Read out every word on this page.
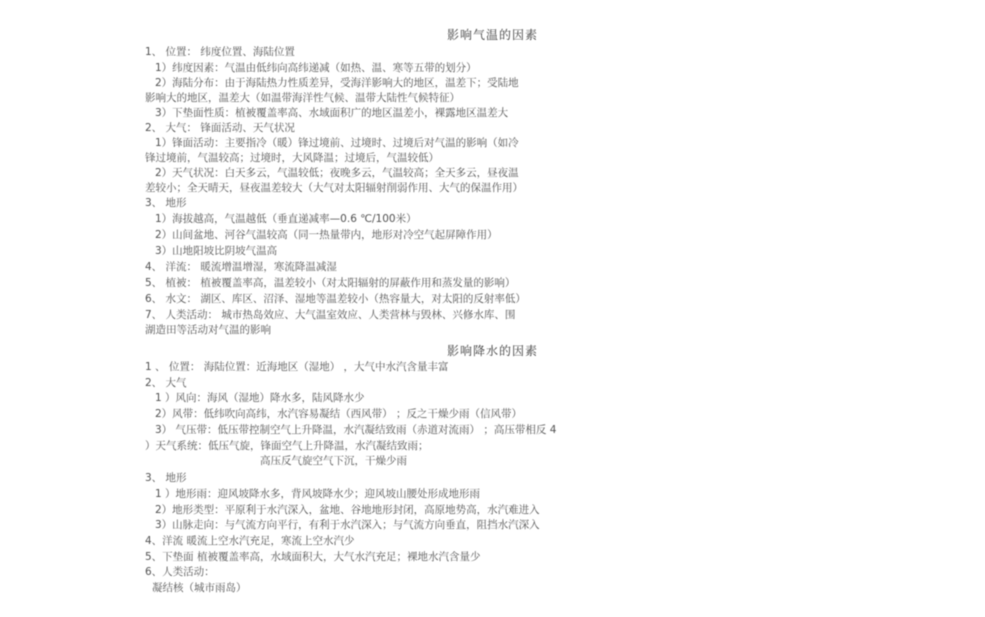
影响气温的因素
1、 位置： 纬度位置、海陆位置
1）纬度因素：气温由低纬向高纬递减（如热、温、寒等五带的划分）
2）海陆分布：由于海陆热力性质差异，受海洋影响大的地区，温差下；受陆地
影响大的地区，温差大（如温带海洋性气候、温带大陆性气候特征）
3）下垫面性质：植被覆盖率高、水域面积广的地区温差小，裸露地区温差大
2、 大气： 锋面活动、天气状况
1）锋面活动：主要指冷（暖）锋过境前、过境时、过境后对气温的影响（如冷
锋过境前，气温较高；过境时，大风降温；过境后，气温较低）
2）天气状况：白天多云，气温较低；夜晚多云，气温较高；全天多云，昼夜温
差较小；全天晴天，昼夜温差较大（大气对太阳辐射削弱作用、大气的保温作用）
3、 地形
1）海拔越高，气温越低（垂直递减率—0.6 ℃/100米）
2）山间盆地、河谷气温较高（同一热量带内，地形对冷空气起屏障作用）
3）山地阳坡比阴坡气温高
4、 洋流： 暖流增温增湿，寒流降温减湿
5、 植被： 植被覆盖率高，温差较小（对太阳辐射的屏蔽作用和蒸发量的影响）
6、 水文： 湖区、库区、沼泽、湿地等温差较小（热容量大，对太阳的反射率低）
7、 人类活动： 城市热岛效应、大气温室效应、人类营林与毁林、兴修水库、围
湖造田等活动对气温的影响
影响降水的因素
1 、 位置： 海陆位置：近海地区（湿地） ，大气中水汽含量丰富
2、 大气
1 ）风向：海风（湿地）降水多，陆风降水少
2）风带：低纬吹向高纬，水汽容易凝结（西风带） ；反之干燥少雨（信风带）
3） 气压带：低压带控制空气上升降温，水汽凝结致雨（赤道对流雨） ；高压带相反 4
）天气系统：低压气旋，锋面空气上升降温，水汽凝结致雨；
高压反气旋空气下沉，干燥少雨
3、 地形
1 ）地形雨：迎风坡降水多，背风坡降水少；迎风坡山腰处形成地形雨
2）地形类型：平原利于水汽深入，盆地、谷地地形封闭，高原地势高，水汽难进入
3）山脉走向：与气流方向平行，有利于水汽深入；与气流方向垂直，阻挡水汽深入
4、洋流 暖流上空水汽充足，寒流上空水汽少
5、下垫面 植被覆盖率高，水域面积大，大气水汽充足；裸地水汽含量少
6、人类活动：
凝结核（城市雨岛）
